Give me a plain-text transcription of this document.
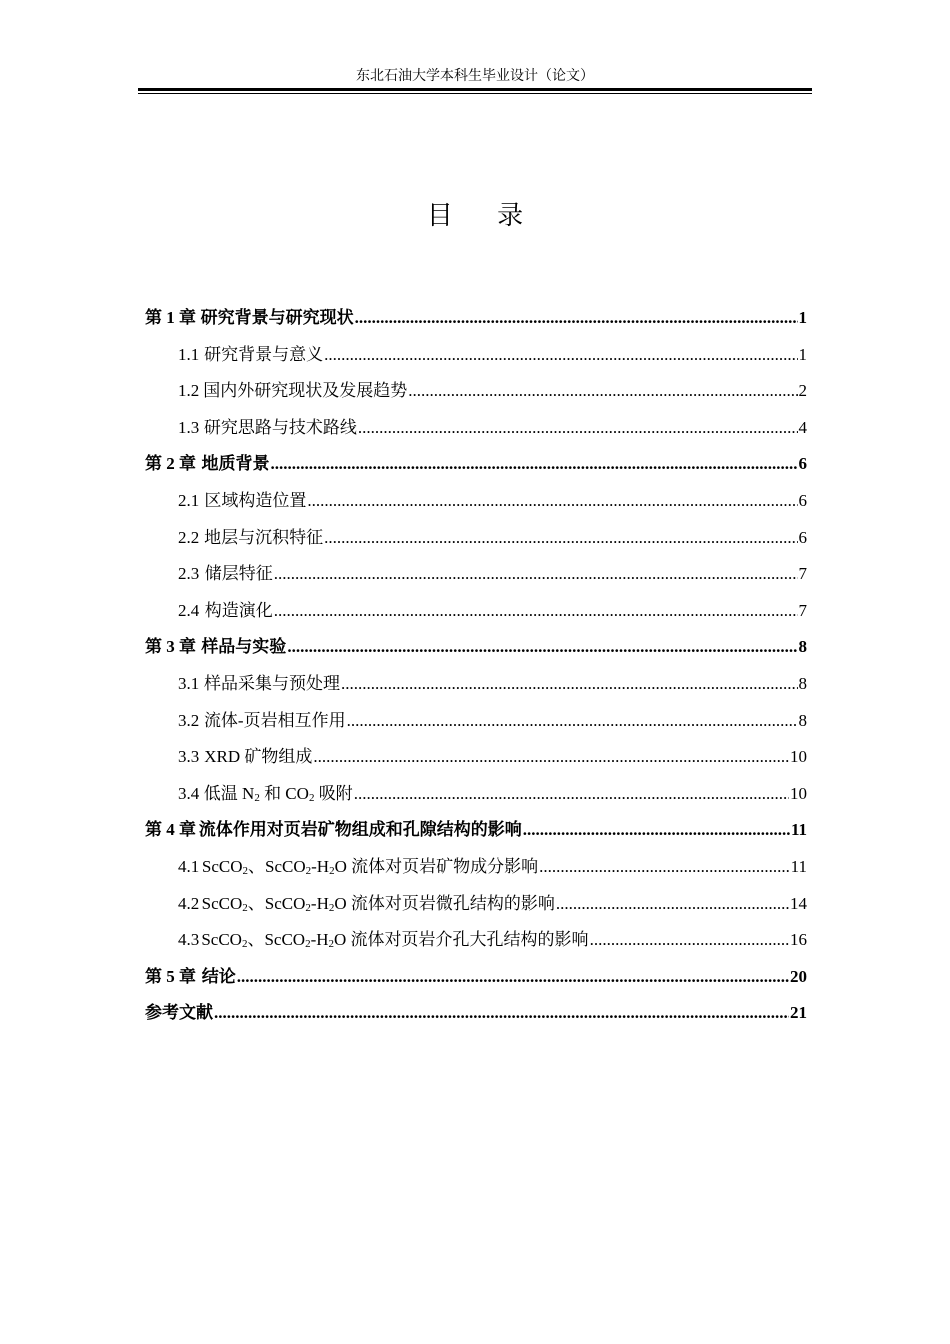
东北石油大学本科生毕业设计（论文）
目 录
第 1 章 研究背景与研究现状 .....	1
1.1 研究背景与意义 .....	1
1.2 国内外研究现状及发展趋势 .....	2
1.3 研究思路与技术路线 .....	4
第 2 章 地质背景 .....	6
2.1 区域构造位置 .....	6
2.2 地层与沉积特征 .....	6
2.3 储层特征 .....	7
2.4 构造演化 .....	7
第 3 章 样品与实验 .....	8
3.1 样品采集与预处理 .....	8
3.2 流体-页岩相互作用 .....	8
3.3 XRD 矿物组成 .....	10
3.4 低温 $N_2$ 和 $CO_2$ 吸附 .....	10
第 4 章 流体作用对页岩矿物组成和孔隙结构的影响 .....	11
4.1 ScCO$_2$、$ScCO_2-H_2O$ 流体对页岩矿物成分影响 .....	11
4.2 ScCO$_2$、$ScCO_2-H_2O$ 流体对页岩微孔结构的影响 .....	14
4.3 ScCO$_2$、$ScCO_2-H_2O$ 流体对页岩介孔大孔结构的影响 .....	16
第 5 章 结论 .....	20
参考文献 .....	21
